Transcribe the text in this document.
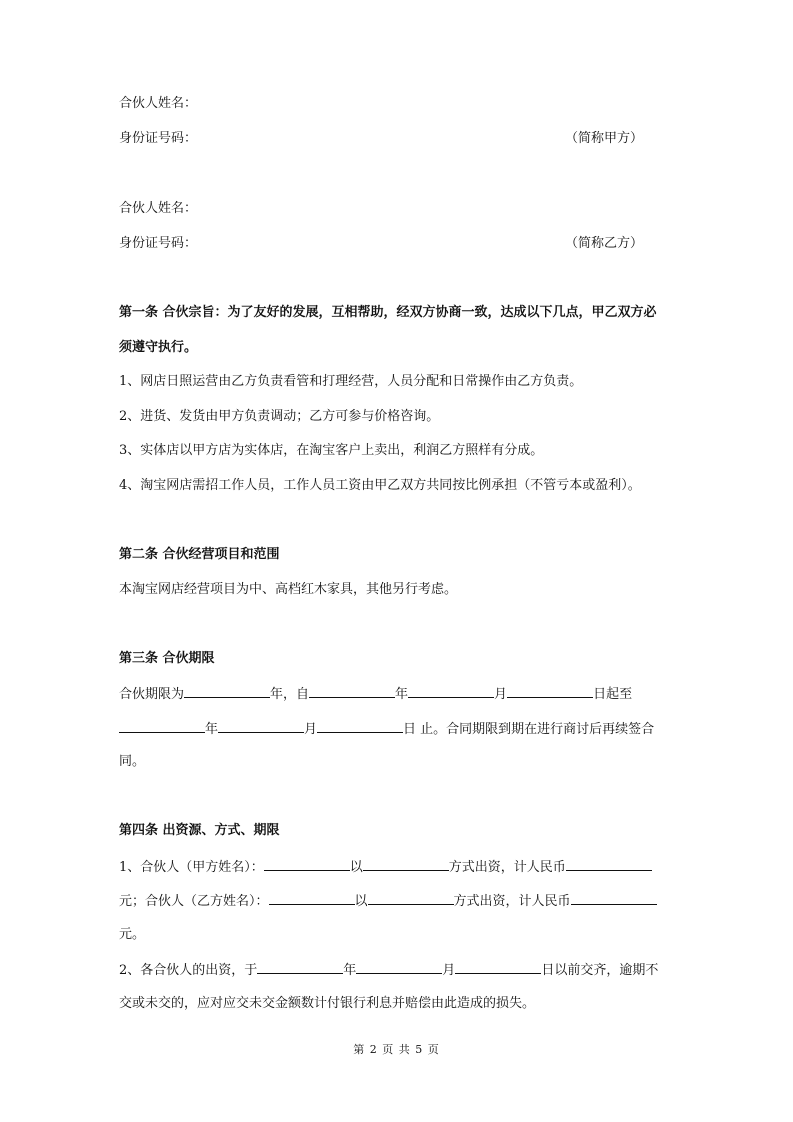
合伙人姓名：
身份证号码：	（简称甲方）
合伙人姓名：
身份证号码：	（简称乙方）
第一条 合伙宗旨：为了友好的发展，互相帮助，经双方协商一致，达成以下几点，甲乙双方必
须遵守执行。
1、网店日照运营由乙方负责看管和打理经营，人员分配和日常操作由乙方负责。
2、进货、发货由甲方负责调动；乙方可参与价格咨询。
3、实体店以甲方店为实体店，在淘宝客户上卖出，利润乙方照样有分成。
4、淘宝网店需招工作人员，工作人员工资由甲乙双方共同按比例承担（不管亏本或盈利）。
第二条 合伙经营项目和范围
本淘宝网店经营项目为中、高档红木家具，其他另行考虑。
第三条 合伙期限
合伙期限为	年，自	年	月	日起至
年	月	日 止。合同期限到期在进行商讨后再续签合
同。
第四条 出资源、方式、期限
1、合伙人（甲方姓名）：	以	方式出资，计人民币
元；合伙人（乙方姓名）：	以	方式出资，计人民币
元。
2、各合伙人的出资，于	年	月	日以前交齐，逾期不
交或未交的，应对应交未交金额数计付银行利息并赔偿由此造成的损失。
第 2 页 共 5 页
